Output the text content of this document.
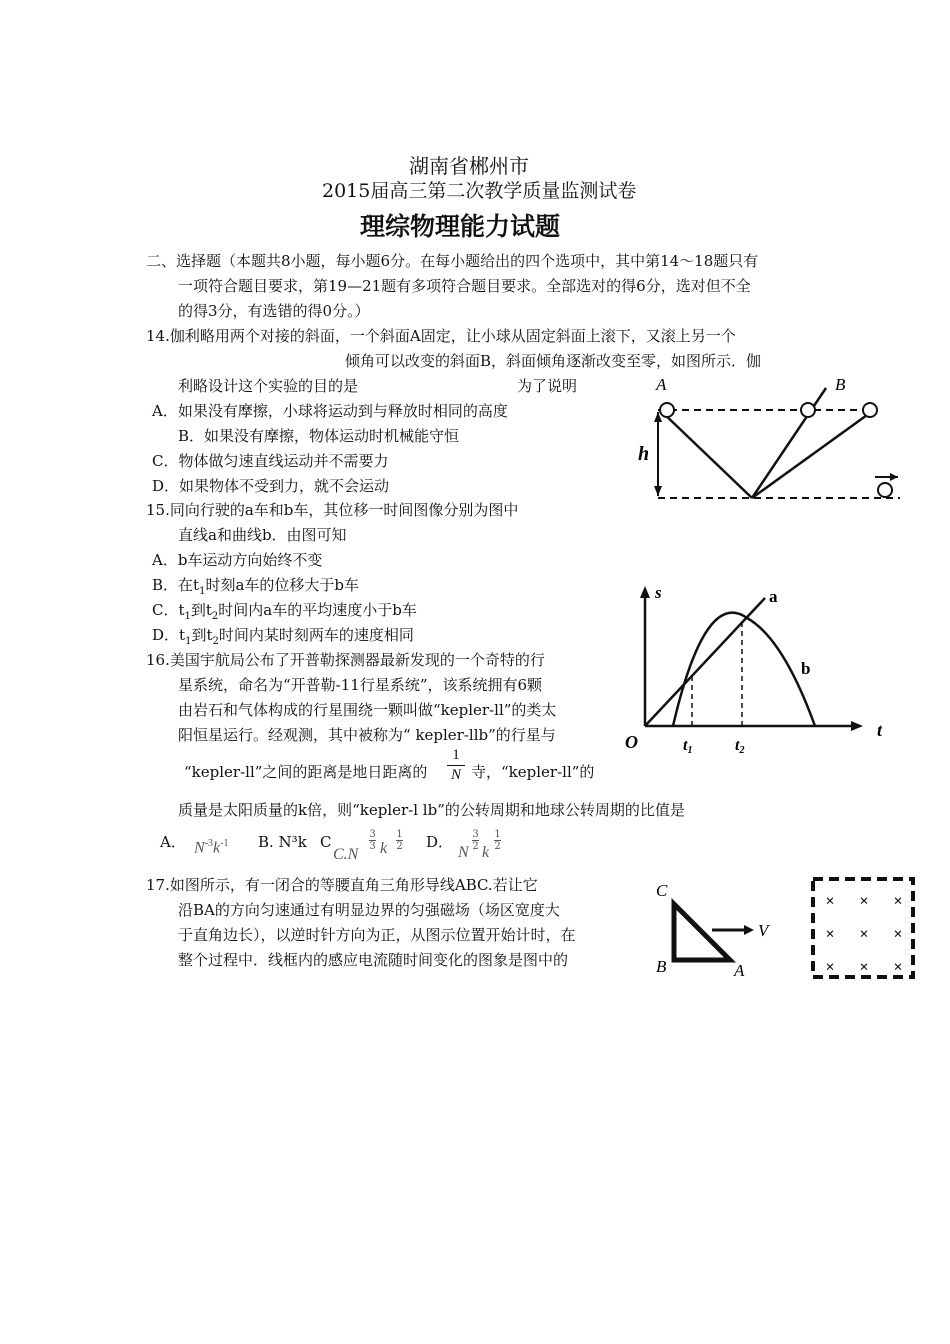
湖南省郴州市
2015届高三第二次教学质量监测试卷
理综物理能力试题
二、选择题（本题共8小题，每小题6分。在每小题给出的四个选项中，其中第14～18题只有
一项符合题目要求，第19—21题有多项符合题目要求。全部选对的得6分，选对但不全
的得3分，有选错的得0分。）
14.伽利略用两个对接的斜面，一个斜面A固定，让小球从固定斜面上滚下，又滚上另一个
倾角可以改变的斜面B，斜面倾角逐渐改变至零，如图所示．伽
利略设计这个实验的目的是	为了说明
A．如果没有摩擦，小球将运动到与释放时相同的高度
B．如果没有摩擦，物体运动时机械能守恒
C．物体做匀速直线运动并不需要力
D．如果物体不受到力，就不会运动
A	B
h
15.同向行驶的a车和b车，其位移一时间图像分别为图中
直线a和曲线b．由图可知
A．b车运动方向始终不变
B．在$t_1$时刻a车的位移大于b车
C．$t_1$到$t_2$时间内a车的平均速度小于b车
D．$t_1$到$t_2$时间内某时刻两车的速度相同
s
t
O
a
b
t1	t2
16.美国宇航局公布了开普勒探测器最新发现的一个奇特的行
星系统，命名为“开普勒-11行星系统”，该系统拥有6颗
由岩石和气体构成的行星围绕一颗叫做“kepler-ll”的类太
阳恒星运行。经观测，其中被称为“ kepler-llb”的行星与
“kepler-ll”之间的距离是地日距离的
1
N 寺，“kepler-ll”的
质量是太阳质量的k倍，则“kepler-l lb”的公转周期和地球公转周期的比值是
A． $N^{-3}k^{-1}$ B. N³k C
C.N
3
3 k
1
2 D．
N
3
2 k
1
2
17.如图所示，有一闭合的等腰直角三角形导线ABC.若让它
沿BA的方向匀速通过有明显边界的匀强磁场（场区宽度大
于直角边长），以逆时针方向为正，从图示位置开始计时，在
整个过程中．线框内的感应电流随时间变化的图象是图中的
C
B	A
V
× × ×
× × ×
× × ×
